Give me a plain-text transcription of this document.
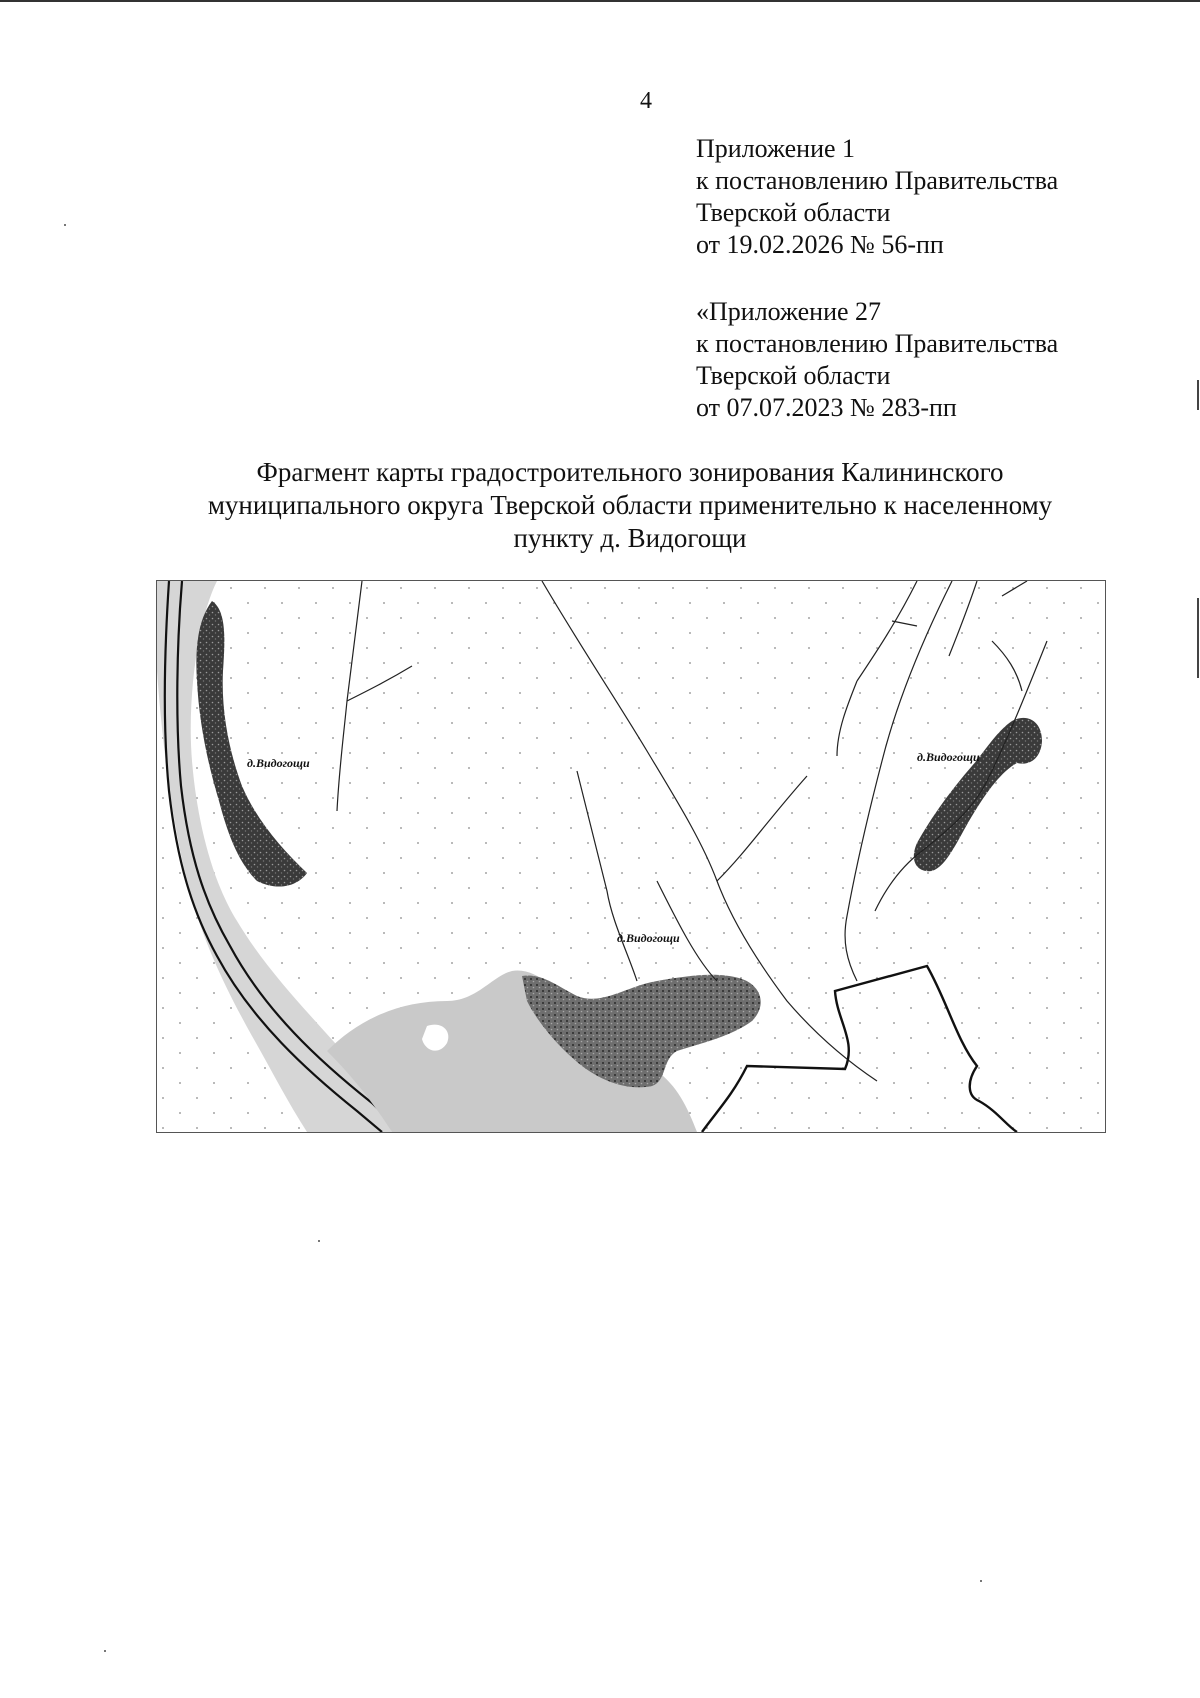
4
Приложение 1
к постановлению Правительства
Тверской области
от 19.02.2026 № 56-пп
«Приложение 27
к постановлению Правительства
Тверской области
от 07.07.2023 № 283-пп
Фрагмент карты градостроительного зонирования Калининского
муниципального округа Тверской области применительно к населенному
пункту д. Видогощи
д.Видогощи	д.Видогощи
д.Видогощи
